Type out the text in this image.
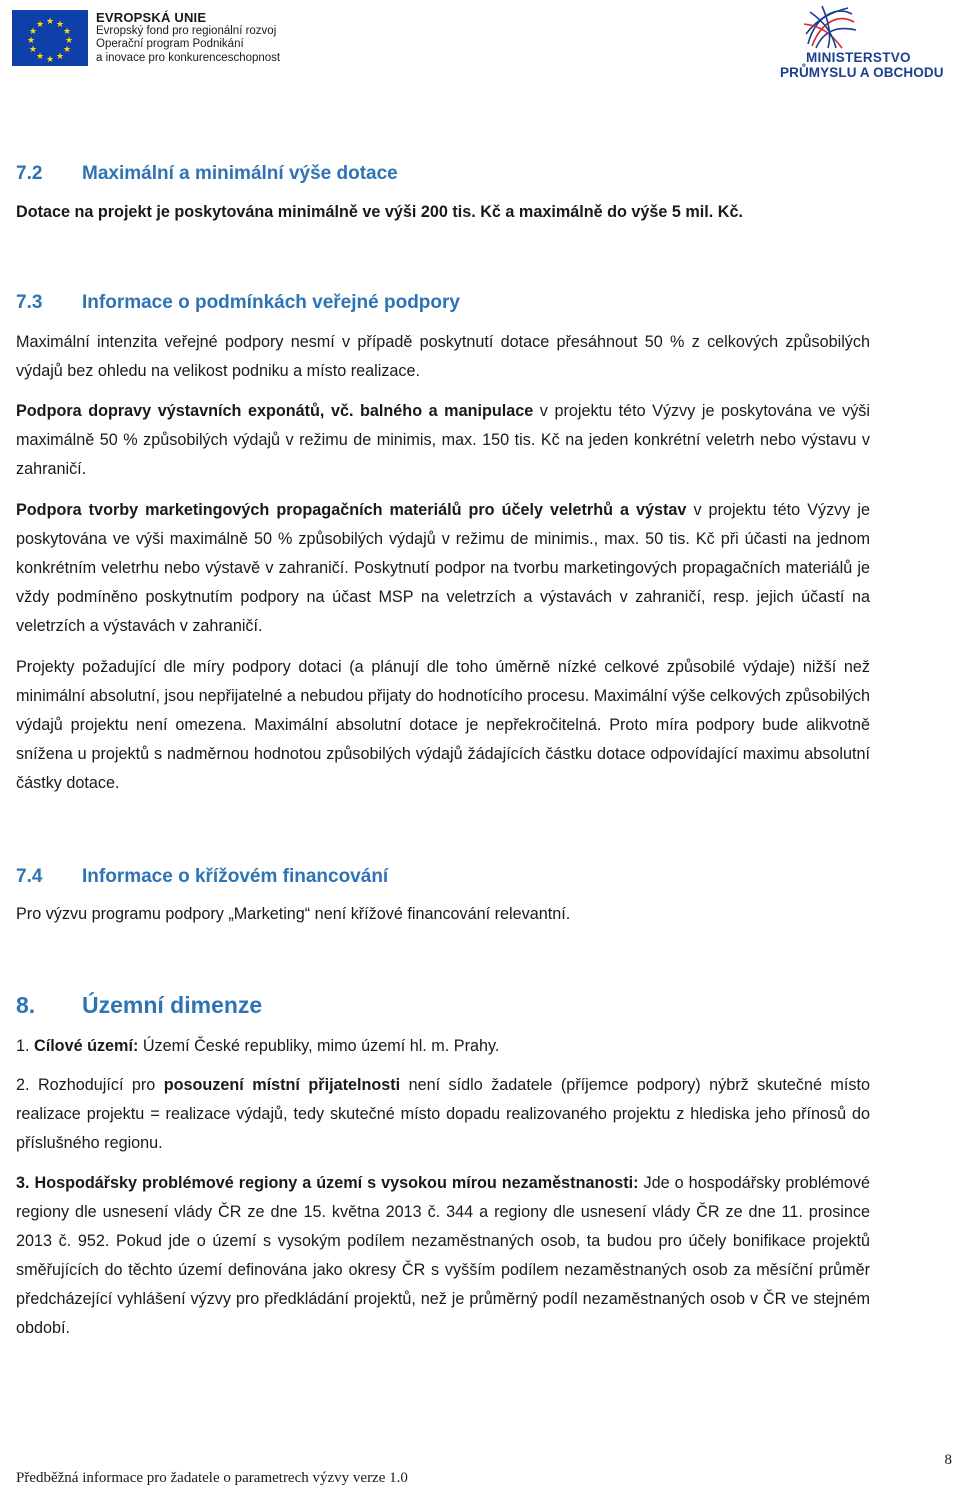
★ ★
★
★
★
★
★
★
★
★
★
★	EVROPSKÁ UNIE
Evropský fond pro regionální rozvoj
Operační program Podnikání
a inovace pro konkurenceschopnost	MINISTERSTVO
PRŮMYSLU A OBCHODU
7.2 Maximální a minimální výše dotace
Dotace na projekt je poskytována minimálně ve výši 200 tis. Kč a maximálně do výše 5 mil. Kč.
7.3 Informace o podmínkách veřejné podpory
Maximální intenzita veřejné podpory nesmí v případě poskytnutí dotace přesáhnout 50 % z celkových způsobilých výdajů bez ohledu na velikost podniku a místo realizace.
Podpora dopravy výstavních exponátů, vč. balného a manipulace v projektu této Výzvy je poskytována ve výši maximálně 50 % způsobilých výdajů v režimu de minimis, max. 150 tis. Kč na jeden konkrétní veletrh nebo výstavu v zahraničí.
Podpora tvorby marketingových propagačních materiálů pro účely veletrhů a výstav v projektu této Výzvy je poskytována ve výši maximálně 50 % způsobilých výdajů v režimu de minimis., max. 50 tis. Kč při účasti na jednom konkrétním veletrhu nebo výstavě v zahraničí. Poskytnutí podpor na tvorbu marketingových propagačních materiálů je vždy podmíněno poskytnutím podpory na účast MSP na veletrzích a výstavách v zahraničí, resp. jejich účastí na veletrzích a výstavách v zahraničí.
Projekty požadující dle míry podpory dotaci (a plánují dle toho úměrně nízké celkové způsobilé výdaje) nižší než minimální absolutní, jsou nepřijatelné a nebudou přijaty do hodnotícího procesu. Maximální výše celkových způsobilých výdajů projektu není omezena. Maximální absolutní dotace je nepřekročitelná. Proto míra podpory bude alikvotně snížena u projektů s nadměrnou hodnotou způsobilých výdajů žádajících částku dotace odpovídající maximu absolutní částky dotace.
7.4 Informace o křížovém financování
Pro výzvu programu podpory „Marketing“ není křížové financování relevantní.
8. Územní dimenze
1. Cílové území: Území České republiky, mimo území hl. m. Prahy.
2. Rozhodující pro posouzení místní přijatelnosti není sídlo žadatele (příjemce podpory) nýbrž skutečné místo realizace projektu = realizace výdajů, tedy skutečné místo dopadu realizovaného projektu z hlediska jeho přínosů do příslušného regionu.
3. Hospodářsky problémové regiony a území s vysokou mírou nezaměstnanosti: Jde o hospodářsky problémové regiony dle usnesení vlády ČR ze dne 15. května 2013 č. 344 a regiony dle usnesení vlády ČR ze dne 11. prosince 2013 č. 952. Pokud jde o území s vysokým podílem nezaměstnaných osob, ta budou pro účely bonifikace projektů směřujících do těchto území definována jako okresy ČR s vyšším podílem nezaměstnaných osob za měsíční průměr předcházející vyhlášení výzvy pro předkládání projektů, než je průměrný podíl nezaměstnaných osob v ČR ve stejném období.
Předběžná informace pro žadatele o parametrech výzvy verze 1.0
8
